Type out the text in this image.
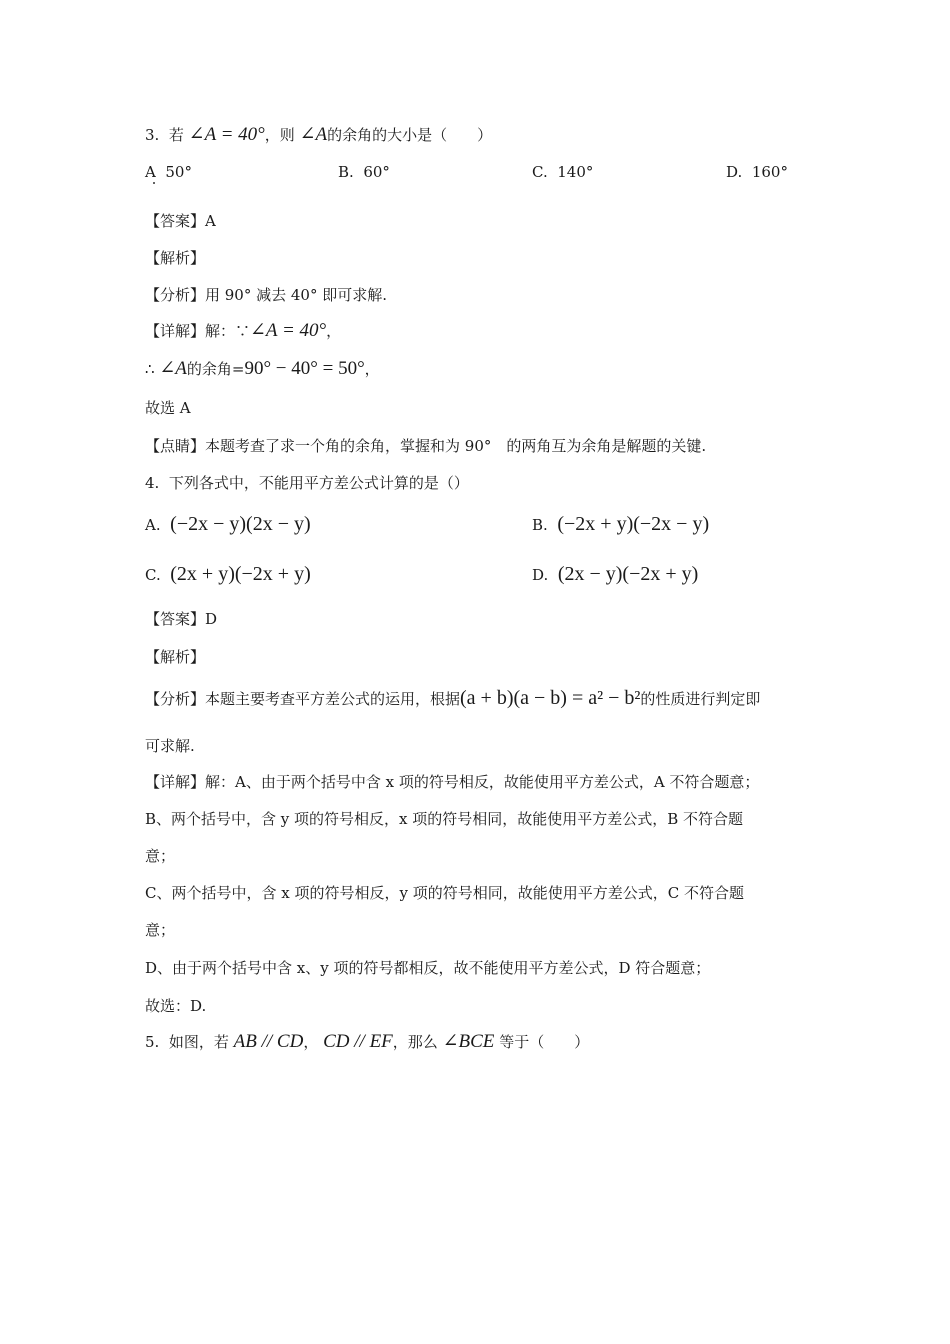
3. 若 ∠A = 40°，则 ∠A的余角的大小是（　　）
A 50°	B. 60°	C. 140°	D. 160°
【答案】A
【解析】
【分析】用 90° 减去 40° 即可求解.
【详解】解：∵∠A = 40°，
∴ ∠A的余角=90° − 40° = 50°，
故选 A
【点睛】本题考查了求一个角的余角，掌握和为 90°　的两角互为余角是解题的关键.
4. 下列各式中，不能用平方差公式计算的是（）
A. (−2x − y)(2x − y)	B. (−2x + y)(−2x − y)
C. (2x + y)(−2x + y)	D. (2x − y)(−2x + y)
【答案】D
【解析】
【分析】本题主要考查平方差公式的运用，根据(a + b)(a − b) = a² − b²的性质进行判定即
可求解.
【详解】解：A、由于两个括号中含 x 项的符号相反，故能使用平方差公式，A 不符合题意；
B、两个括号中，含 y 项的符号相反，x 项的符号相同，故能使用平方差公式，B 不符合题
意；
C、两个括号中，含 x 项的符号相反，y 项的符号相同，故能使用平方差公式，C 不符合题
意；
D、由于两个括号中含 x、y 项的符号都相反，故不能使用平方差公式，D 符合题意；
故选：D.
5. 如图，若 AB // CD， CD // EF，那么 ∠BCE 等于（　　）
